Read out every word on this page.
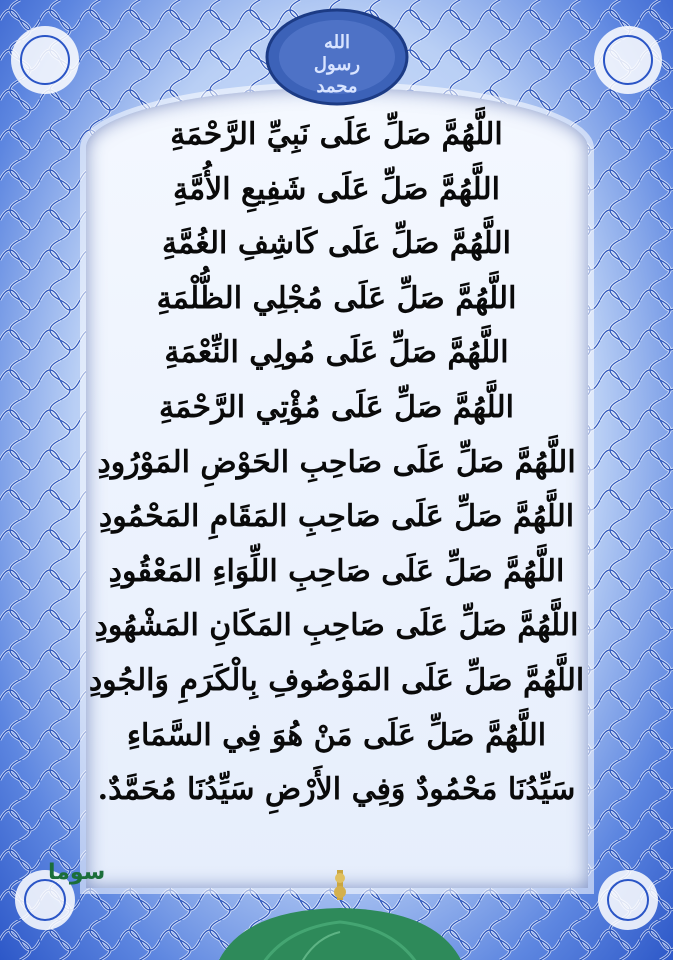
الله
رسول
محمد
اللَّهُمَّ صَلِّ عَلَى نَبِيِّ الرَّحْمَةِ
اللَّهُمَّ صَلِّ عَلَى شَفِيعِ الأُمَّةِ
اللَّهُمَّ صَلِّ عَلَى كَاشِفِ الغُمَّةِ
اللَّهُمَّ صَلِّ عَلَى مُجْلِي الظُّلْمَةِ
اللَّهُمَّ صَلِّ عَلَى مُولِي النِّعْمَةِ
اللَّهُمَّ صَلِّ عَلَى مُؤْتِي الرَّحْمَةِ
اللَّهُمَّ صَلِّ عَلَى صَاحِبِ الحَوْضِ المَوْرُودِ
اللَّهُمَّ صَلِّ عَلَى صَاحِبِ المَقَامِ المَحْمُودِ
اللَّهُمَّ صَلِّ عَلَى صَاحِبِ اللِّوَاءِ المَعْقُودِ
اللَّهُمَّ صَلِّ عَلَى صَاحِبِ المَكَانِ المَشْهُودِ
اللَّهُمَّ صَلِّ عَلَى المَوْصُوفِ بِالْكَرَمِ وَالجُودِ
اللَّهُمَّ صَلِّ عَلَى مَنْ هُوَ فِي السَّمَاءِ
سَيِّدُنَا مَحْمُودٌ وَفِي الأَرْضِ سَيِّدُنَا مُحَمَّدٌ.
سوما
